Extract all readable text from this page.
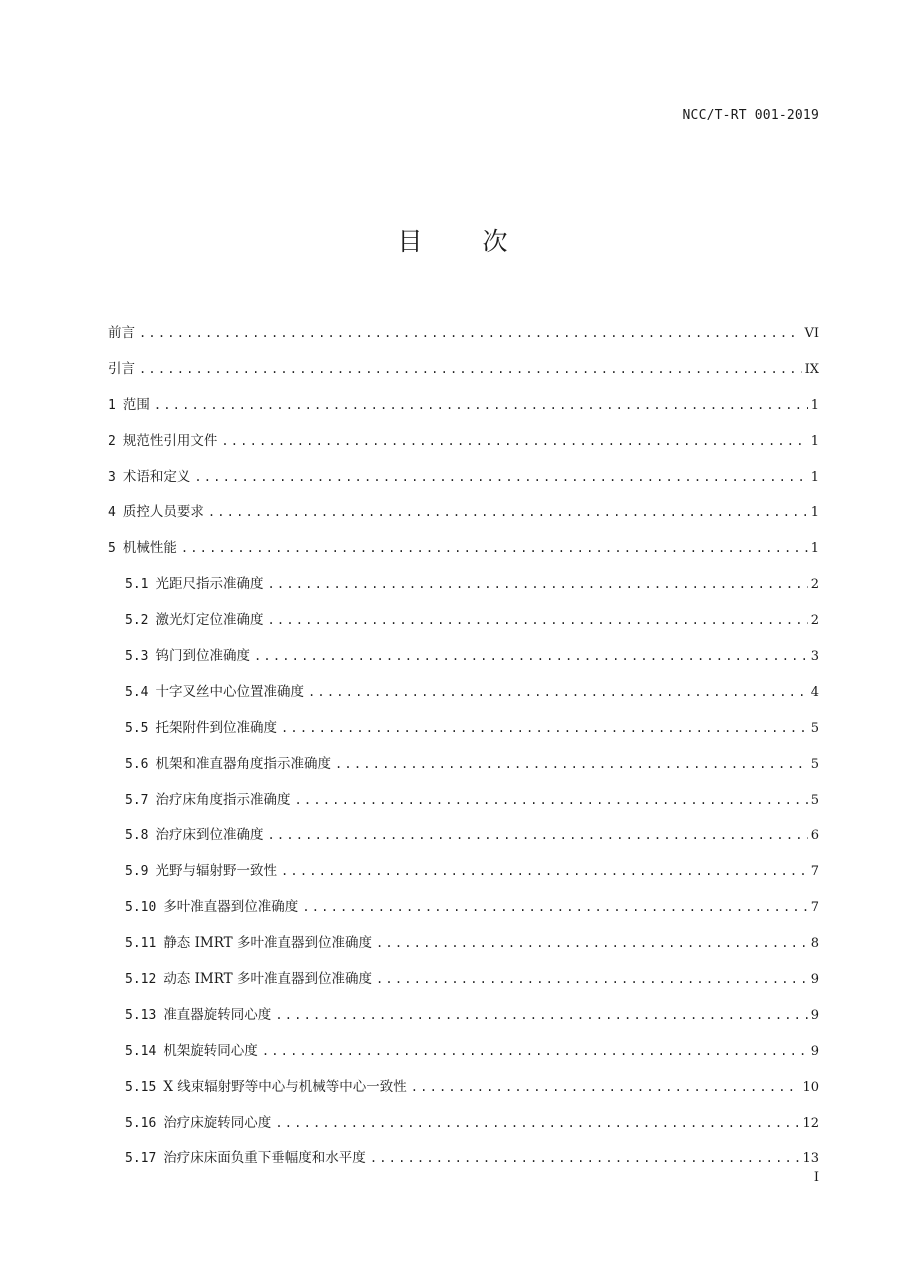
NCC/T-RT 001-2019
目 次
前言 .....	VI
引言 .....	IX
1 范围 .....	1
2 规范性引用文件 .....	1
3 术语和定义 .....	1
4 质控人员要求 .....	1
5 机械性能 .....	1
5.1 光距尺指示准确度 .....	2
5.2 激光灯定位准确度 .....	2
5.3 钨门到位准确度 .....	3
5.4 十字叉丝中心位置准确度 .....	4
5.5 托架附件到位准确度 .....	5
5.6 机架和准直器角度指示准确度 .....	5
5.7 治疗床角度指示准确度 .....	5
5.8 治疗床到位准确度 .....	6
5.9 光野与辐射野一致性 .....	7
5.10 多叶准直器到位准确度 .....	7
5.11 静态 IMRT 多叶准直器到位准确度 .....	8
5.12 动态 IMRT 多叶准直器到位准确度 .....	9
5.13 准直器旋转同心度 .....	9
5.14 机架旋转同心度 .....	9
5.15 X 线束辐射野等中心与机械等中心一致性 .....	10
5.16 治疗床旋转同心度 .....	12
5.17 治疗床床面负重下垂幅度和水平度 .....	13
I
